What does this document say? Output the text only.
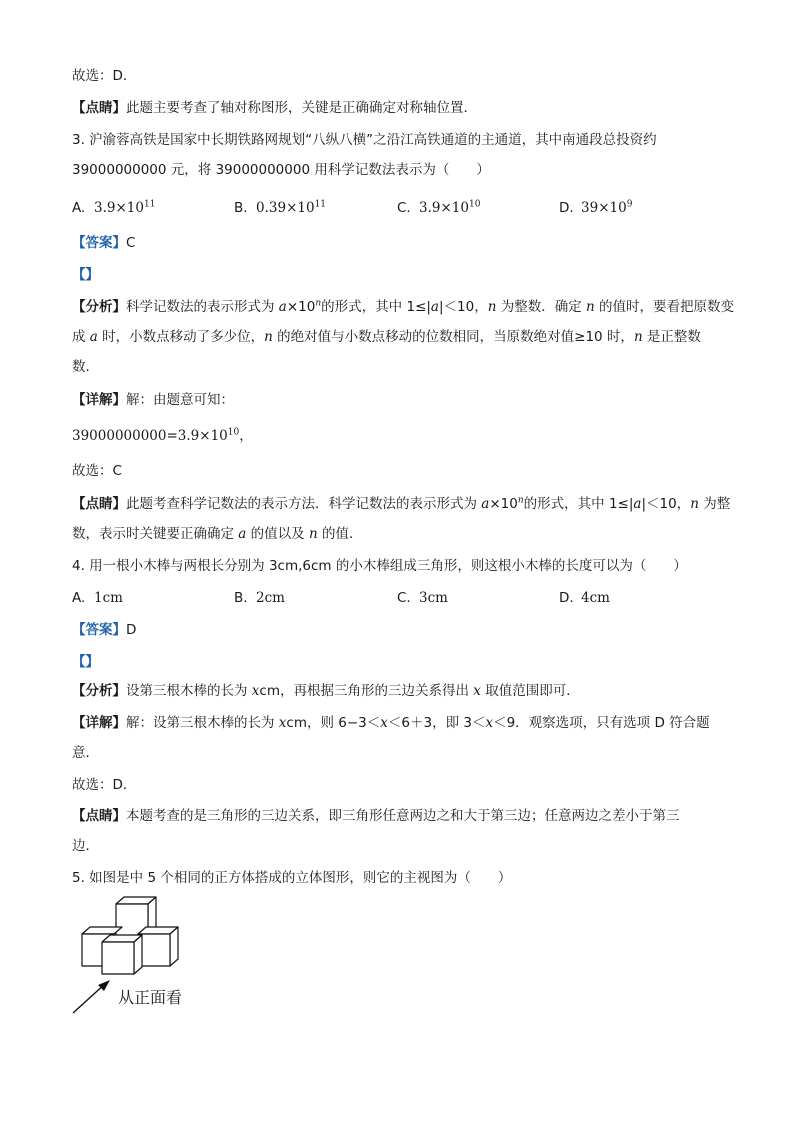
故选：D．
【点睛】此题主要考查了轴对称图形，关键是正确确定对称轴位置．
3. 沪渝蓉高铁是国家中长期铁路网规划“八纵八横”之沿江高铁通道的主通道，其中南通段总投资约
39000000000 元，将 39000000000 用科学记数法表示为（　　）
A. $3.9\times 10^{11}$	B. $0.39\times 10^{11}$	C. $3.9\times 10^{10}$	D. $39\times 10^9$
【答案】C
【】
【分析】科学记数法的表示形式为 $a\times 10^n$的形式，其中 1≤|a|＜10，n 为整数．确定 n 的值时，要看把原数变
成 a 时，小数点移动了多少位，n 的绝对值与小数点移动的位数相同，当原数绝对值≥10 时，n 是正整数
数．
【详解】解：由题意可知：
$39000000000=3.9\times 10^{10}$，
故选：C
【点睛】此题考查科学记数法的表示方法．科学记数法的表示形式为 $a\times 10^n$的形式，其中 1≤|a|＜10，n 为整
数，表示时关键要正确确定 a 的值以及 n 的值．
4. 用一根小木棒与两根长分别为 3cm,6cm 的小木棒组成三角形，则这根小木棒的长度可以为（　　）
A. 1cm	B. 2cm	C. 3cm	D. 4cm
【答案】D
【】
【分析】设第三根木棒的长为 xcm，再根据三角形的三边关系得出 x 取值范围即可．
【详解】解：设第三根木棒的长为 xcm，则 6−3＜x＜6＋3，即 3＜x＜9．观察选项，只有选项 D 符合题
意．
故选：D．
【点睛】本题考查的是三角形的三边关系，即三角形任意两边之和大于第三边；任意两边之差小于第三
边．
5. 如图是中 5 个相同的正方体搭成的立体图形，则它的主视图为（　　）
从正面看
